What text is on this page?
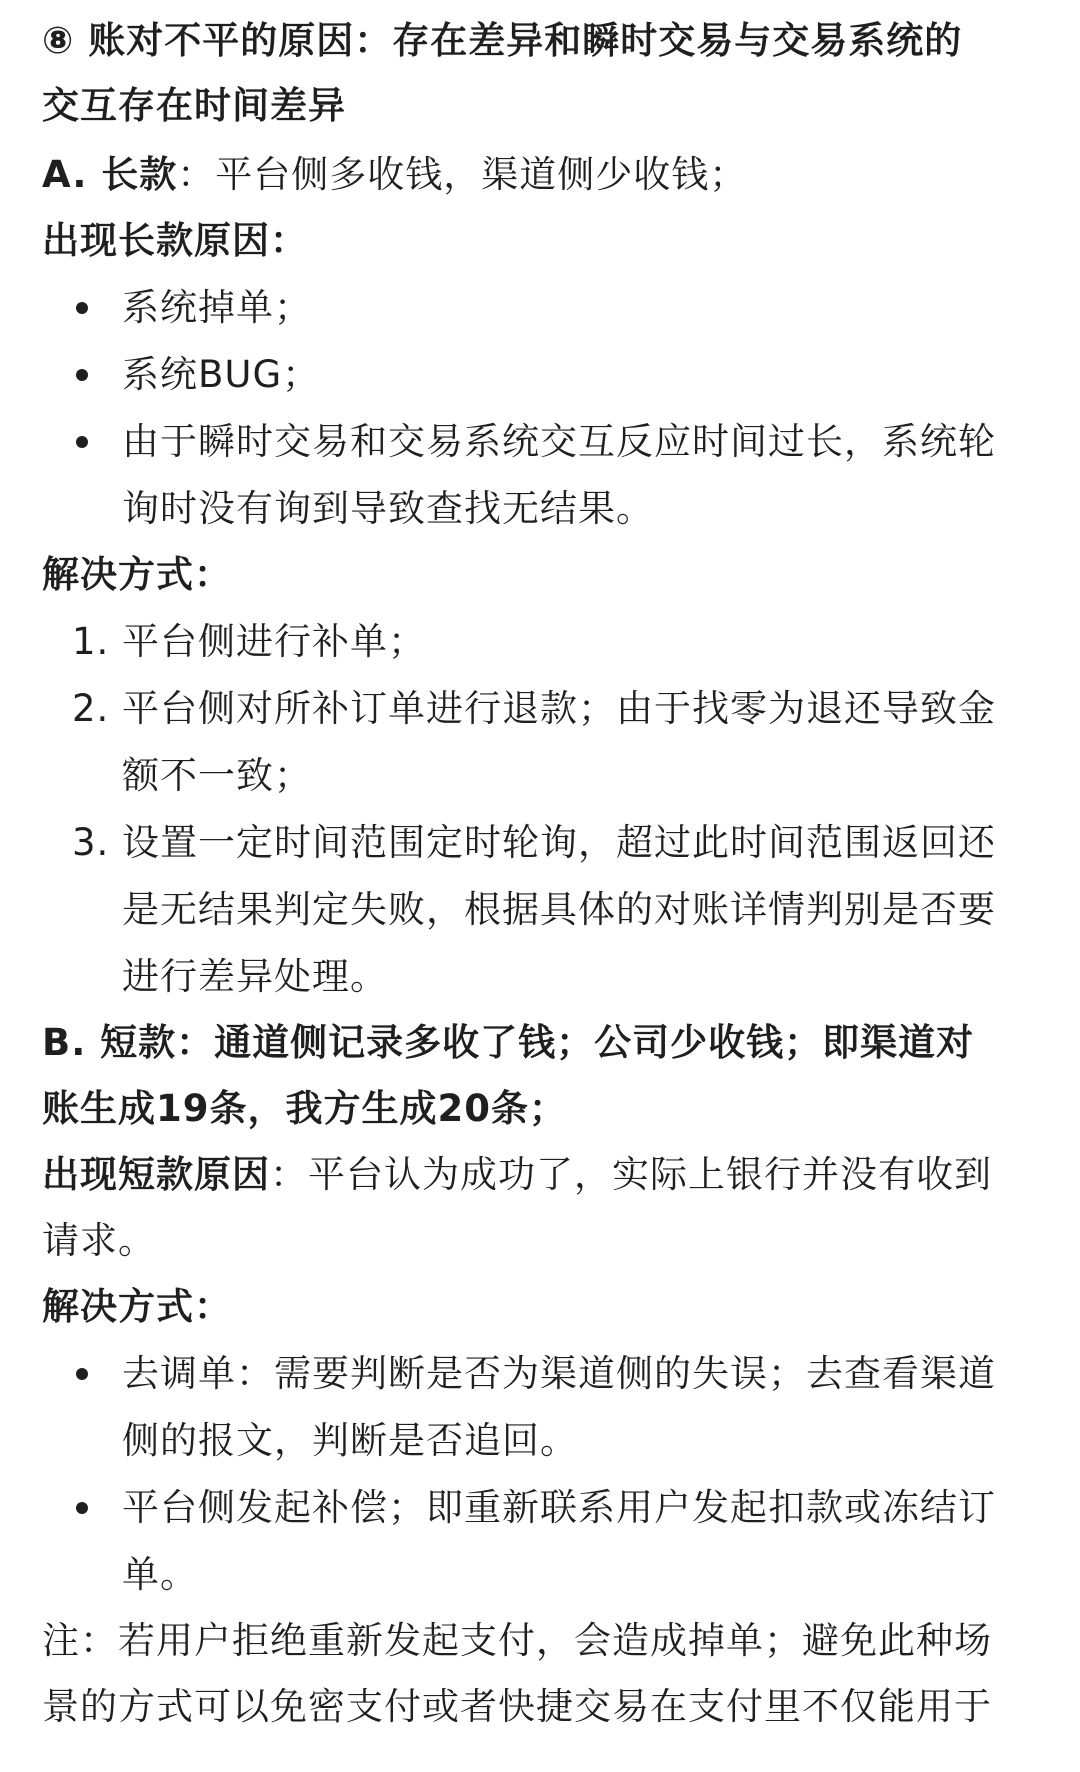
⑧ 账对不平的原因：存在差异和瞬时交易与交易系统的

交互存在时间差异

A. 长款：平台侧多收钱，渠道侧少收钱；

出现长款原因：

系统掉单；
系统BUG；
由于瞬时交易和交易系统交互反应时间过长，系统轮
询时没有询到导致查找无结果。

解决方式：

1. 平台侧进行补单；
2. 平台侧对所补订单进行退款；由于找零为退还导致金
额不一致；
3. 设置一定时间范围定时轮询，超过此时间范围返回还
是无结果判定失败，根据具体的对账详情判别是否要
进行差异处理。

B. 短款：通道侧记录多收了钱；公司少收钱；即渠道对

账生成19条，我方生成20条；

出现短款原因：平台认为成功了，实际上银行并没有收到

请求。

解决方式：

去调单：需要判断是否为渠道侧的失误；去查看渠道
侧的报文，判断是否追回。
平台侧发起补偿；即重新联系用户发起扣款或冻结订
单。

注：若用户拒绝重新发起支付，会造成掉单；避免此种场

景的方式可以免密支付或者快捷交易在支付里不仅能用于
